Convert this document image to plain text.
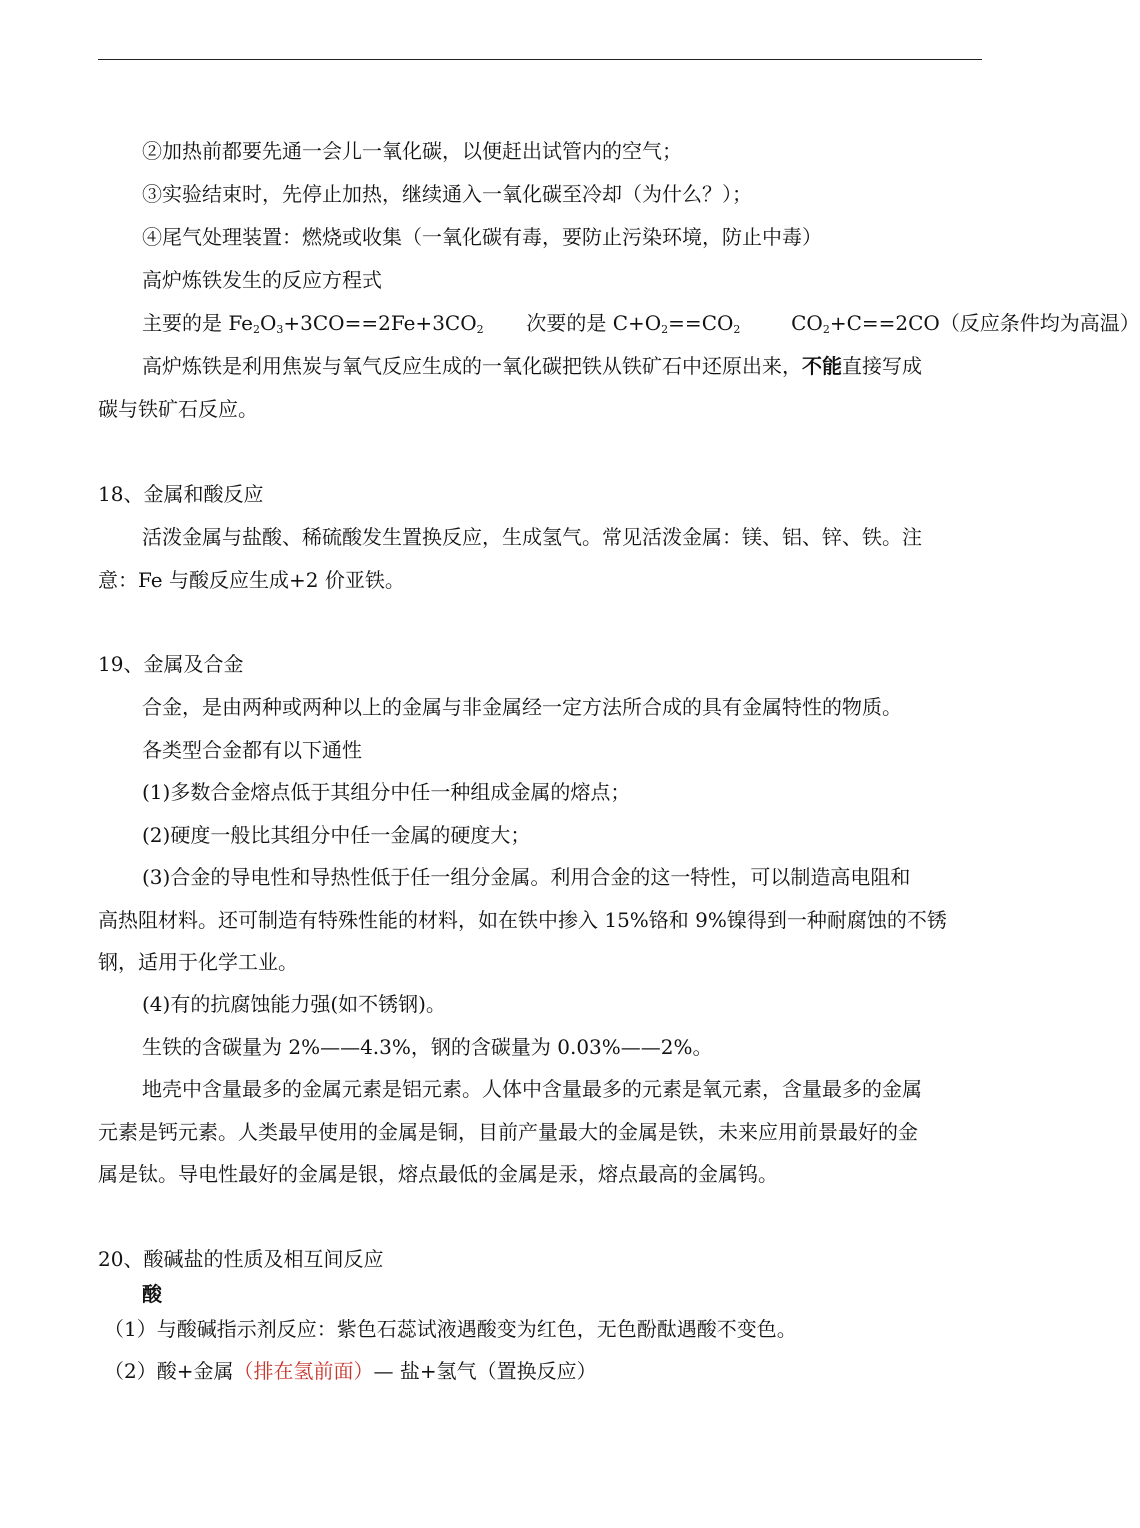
②加热前都要先通一会儿一氧化碳，以便赶出试管内的空气；
③实验结束时，先停止加热，继续通入一氧化碳至冷却（为什么？）；
④尾气处理装置：燃烧或收集（一氧化碳有毒，要防止污染环境，防止中毒）
高炉炼铁发生的反应方程式
主要的是 $Fe_2O_3+3CO==2Fe+3CO_2$ 次要的是 $C+O_2==CO_2$	$CO_2+C==2CO$（反应条件均为高温）
高炉炼铁是利用焦炭与氧气反应生成的一氧化碳把铁从铁矿石中还原出来，不能直接写成
碳与铁矿石反应。
18、金属和酸反应
活泼金属与盐酸、稀硫酸发生置换反应，生成氢气。常见活泼金属：镁、铝、锌、铁。注
意：Fe 与酸反应生成+2 价亚铁。
19、金属及合金
合金，是由两种或两种以上的金属与非金属经一定方法所合成的具有金属特性的物质。
各类型合金都有以下通性
(1)多数合金熔点低于其组分中任一种组成金属的熔点；
(2)硬度一般比其组分中任一金属的硬度大；
(3)合金的导电性和导热性低于任一组分金属。利用合金的这一特性，可以制造高电阻和
高热阻材料。还可制造有特殊性能的材料，如在铁中掺入 15%铬和 9%镍得到一种耐腐蚀的不锈
钢，适用于化学工业。
(4)有的抗腐蚀能力强(如不锈钢)。
生铁的含碳量为 2%——4.3%，钢的含碳量为 0.03%——2%。
地壳中含量最多的金属元素是铝元素。人体中含量最多的元素是氧元素，含量最多的金属
元素是钙元素。人类最早使用的金属是铜，目前产量最大的金属是铁，未来应用前景最好的金
属是钛。导电性最好的金属是银，熔点最低的金属是汞，熔点最高的金属钨。
20、酸碱盐的性质及相互间反应
酸
（1）与酸碱指示剂反应：紫色石蕊试液遇酸变为红色，无色酚酞遇酸不变色。
（2）酸+金属（排在氢前面）— 盐+氢气（置换反应）
